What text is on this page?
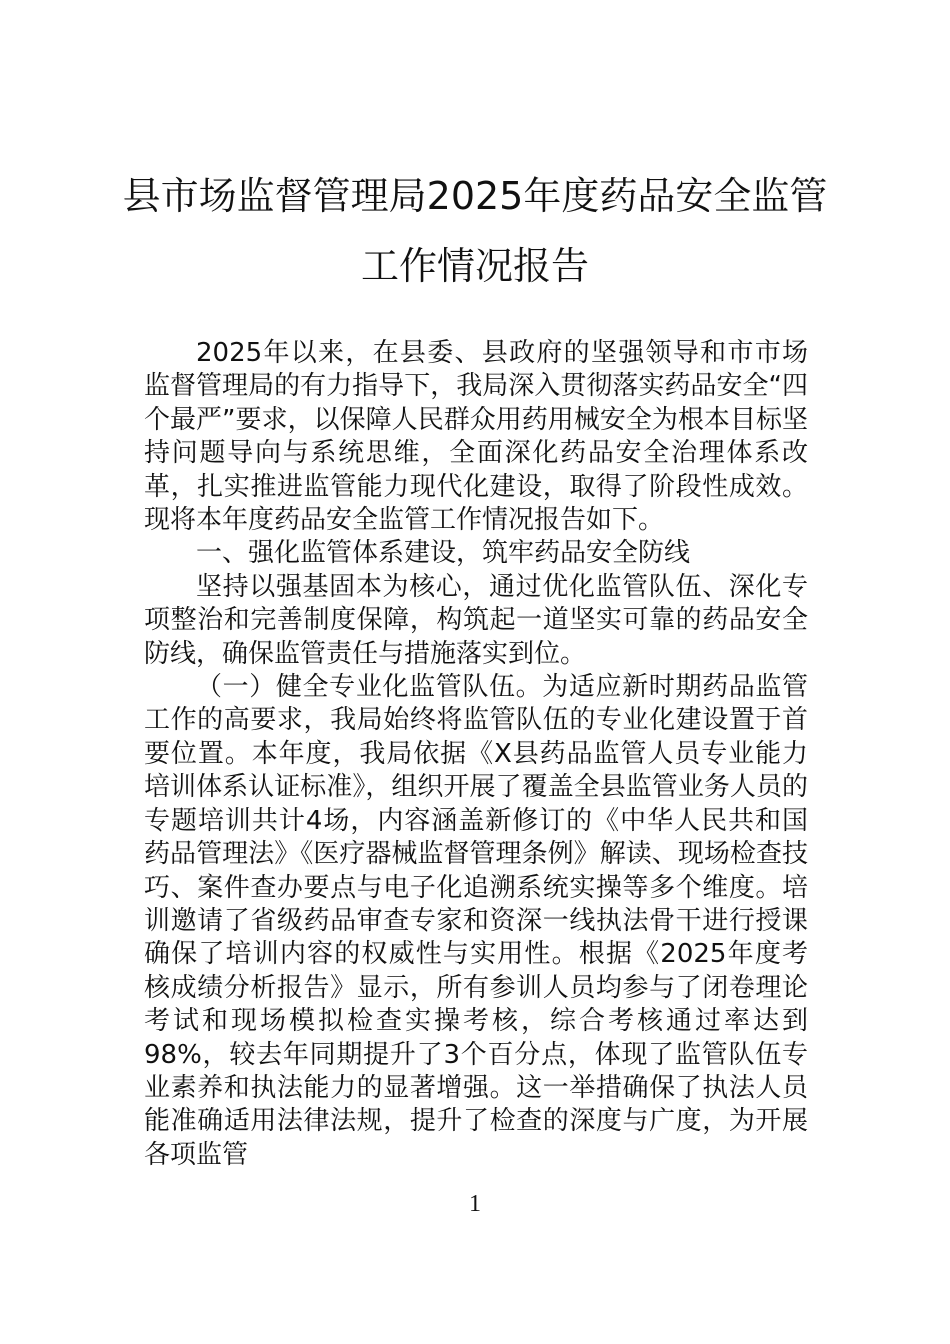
县市场监督管理局2025年度药品安全监管
工作情况报告

2025年以来，在县委、县政府的坚强领导和市市场监督管理局的有力指导下，我局深入贯彻落实药品安全“四个最严”要求，以保障人民群众用药用械安全为根本目标坚持问题导向与系统思维，全面深化药品安全治理体系改革，扎实推进监管能力现代化建设，取得了阶段性成效。现将本年度药品安全监管工作情况报告如下。

一、强化监管体系建设，筑牢药品安全防线

坚持以强基固本为核心，通过优化监管队伍、深化专项整治和完善制度保障，构筑起一道坚实可靠的药品安全防线，确保监管责任与措施落实到位。

（一）健全专业化监管队伍。为适应新时期药品监管工作的高要求，我局始终将监管队伍的专业化建设置于首要位置。本年度，我局依据《X县药品监管人员专业能力培训体系认证标准》，组织开展了覆盖全县监管业务人员的专题培训共计4场，内容涵盖新修订的《中华人民共和国药品管理法》《医疗器械监督管理条例》解读、现场检查技巧、案件查办要点与电子化追溯系统实操等多个维度。培训邀请了省级药品审查专家和资深一线执法骨干进行授课确保了培训内容的权威性与实用性。根据《2025年度考核成绩分析报告》显示，所有参训人员均参与了闭卷理论考试和现场模拟检查实操考核，综合考核通过率达到98%，较去年同期提升了3个百分点，体现了监管队伍专业素养和执法能力的显著增强。这一举措确保了执法人员能准确适用法律法规，提升了检查的深度与广度，为开展各项监管

1
